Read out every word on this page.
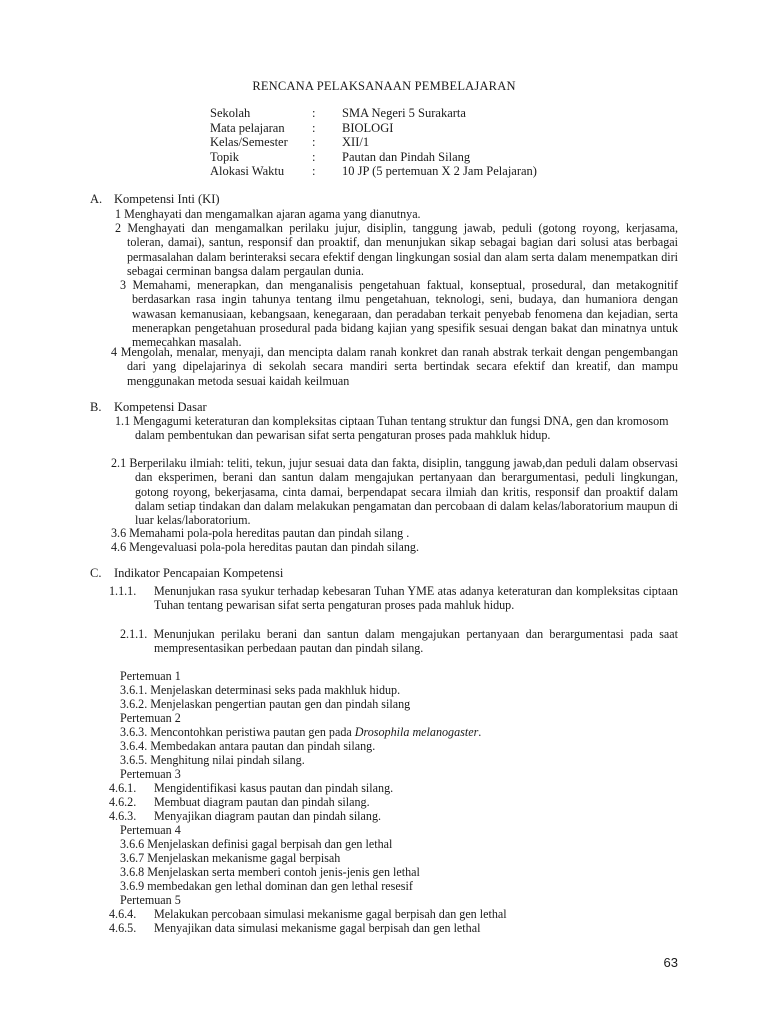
RENCANA PELAKSANAAN PEMBELAJARAN
Sekolah	:	SMA Negeri 5 Surakarta
Mata pelajaran	:	BIOLOGI
Kelas/Semester	:	XII/1
Topik	:	Pautan dan Pindah Silang
Alokasi Waktu	:	10 JP (5 pertemuan X 2 Jam Pelajaran)
A. Kompetensi Inti (KI)
1 Menghayati dan mengamalkan ajaran agama yang dianutnya.
2 Menghayati dan mengamalkan perilaku jujur, disiplin, tanggung jawab, peduli (gotong royong, kerjasama, toleran, damai), santun, responsif dan proaktif, dan menunjukan sikap sebagai bagian dari solusi atas berbagai permasalahan dalam berinteraksi secara efektif dengan lingkungan sosial dan alam serta dalam menempatkan diri sebagai cerminan bangsa dalam pergaulan dunia.
3 Memahami, menerapkan, dan menganalisis pengetahuan faktual, konseptual, prosedural, dan metakognitif berdasarkan rasa ingin tahunya tentang ilmu pengetahuan, teknologi, seni, budaya, dan humaniora dengan wawasan kemanusiaan, kebangsaan, kenegaraan, dan peradaban terkait penyebab fenomena dan kejadian, serta menerapkan pengetahuan prosedural pada bidang kajian yang spesifik sesuai dengan bakat dan minatnya untuk memecahkan masalah.
4 Mengolah, menalar, menyaji, dan mencipta dalam ranah konkret dan ranah abstrak terkait dengan pengembangan dari yang dipelajarinya di sekolah secara mandiri serta bertindak secara efektif dan kreatif, dan mampu menggunakan metoda sesuai kaidah keilmuan
B. Kompetensi Dasar
1.1 Mengagumi keteraturan dan kompleksitas ciptaan Tuhan tentang struktur dan fungsi DNA, gen dan kromosom dalam pembentukan dan pewarisan sifat serta pengaturan proses pada mahkluk hidup.
2.1 Berperilaku ilmiah: teliti, tekun, jujur sesuai data dan fakta, disiplin, tanggung jawab,dan peduli dalam observasi dan eksperimen, berani dan santun dalam mengajukan pertanyaan dan berargumentasi, peduli lingkungan, gotong royong, bekerjasama, cinta damai, berpendapat secara ilmiah dan kritis, responsif dan proaktif dalam dalam setiap tindakan dan dalam melakukan pengamatan dan percobaan di dalam kelas/laboratorium maupun di luar kelas/laboratorium.
3.6 Memahami pola-pola hereditas pautan dan pindah silang .
4.6 Mengevaluasi pola-pola hereditas pautan dan pindah silang.
C. Indikator Pencapaian Kompetensi
1.1.1.	Menunjukan rasa syukur terhadap kebesaran Tuhan YME atas adanya keteraturan dan kompleksitas ciptaan Tuhan tentang pewarisan sifat serta pengaturan proses pada mahluk hidup.
2.1.1. Menunjukan perilaku berani dan santun dalam mengajukan pertanyaan dan berargumentasi pada saat mempresentasikan perbedaan pautan dan pindah silang.
Pertemuan 1
3.6.1. Menjelaskan determinasi seks pada makhluk hidup.
3.6.2. Menjelaskan pengertian pautan gen dan pindah silang
Pertemuan 2
3.6.3. Mencontohkan peristiwa pautan gen pada Drosophila melanogaster.
3.6.4. Membedakan antara pautan dan pindah silang.
3.6.5. Menghitung nilai pindah silang.
Pertemuan 3
4.6.1. Mengidentifikasi kasus pautan dan pindah silang.
4.6.2. Membuat diagram pautan dan pindah silang.
4.6.3. Menyajikan diagram pautan dan pindah silang.
Pertemuan 4
3.6.6 Menjelaskan definisi gagal berpisah dan gen lethal
3.6.7 Menjelaskan mekanisme gagal berpisah
3.6.8 Menjelaskan serta memberi contoh jenis-jenis gen lethal
3.6.9 membedakan gen lethal dominan dan gen lethal resesif
Pertemuan 5
4.6.4. Melakukan percobaan simulasi mekanisme gagal berpisah dan gen lethal
4.6.5. Menyajikan data simulasi mekanisme gagal berpisah dan gen lethal
63
